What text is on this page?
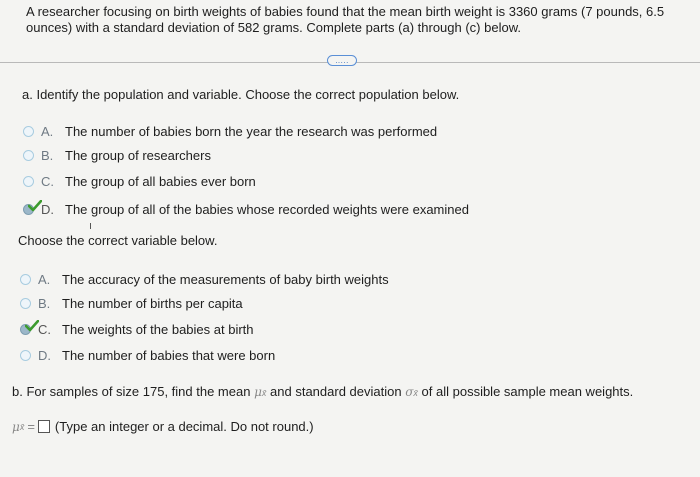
A researcher focusing on birth weights of babies found that the mean birth weight is 3360 grams (7 pounds, 6.5 ounces) with a standard deviation of 582 grams. Complete parts (a) through (c) below.
.....
a. Identify the population and variable. Choose the correct population below.
A. The number of babies born the year the research was performed
B. The group of researchers
C. The group of all babies ever born
D. The group of all of the babies whose recorded weights were examined
Choose the correct variable below.
A. The accuracy of the measurements of baby birth weights
B. The number of births per capita
C. The weights of the babies at birth
D. The number of babies that were born
b. For samples of size 175, find the mean μx̄ and standard deviation σx̄ of all possible sample mean weights.
μ x̄ = (Type an integer or a decimal. Do not round.)
